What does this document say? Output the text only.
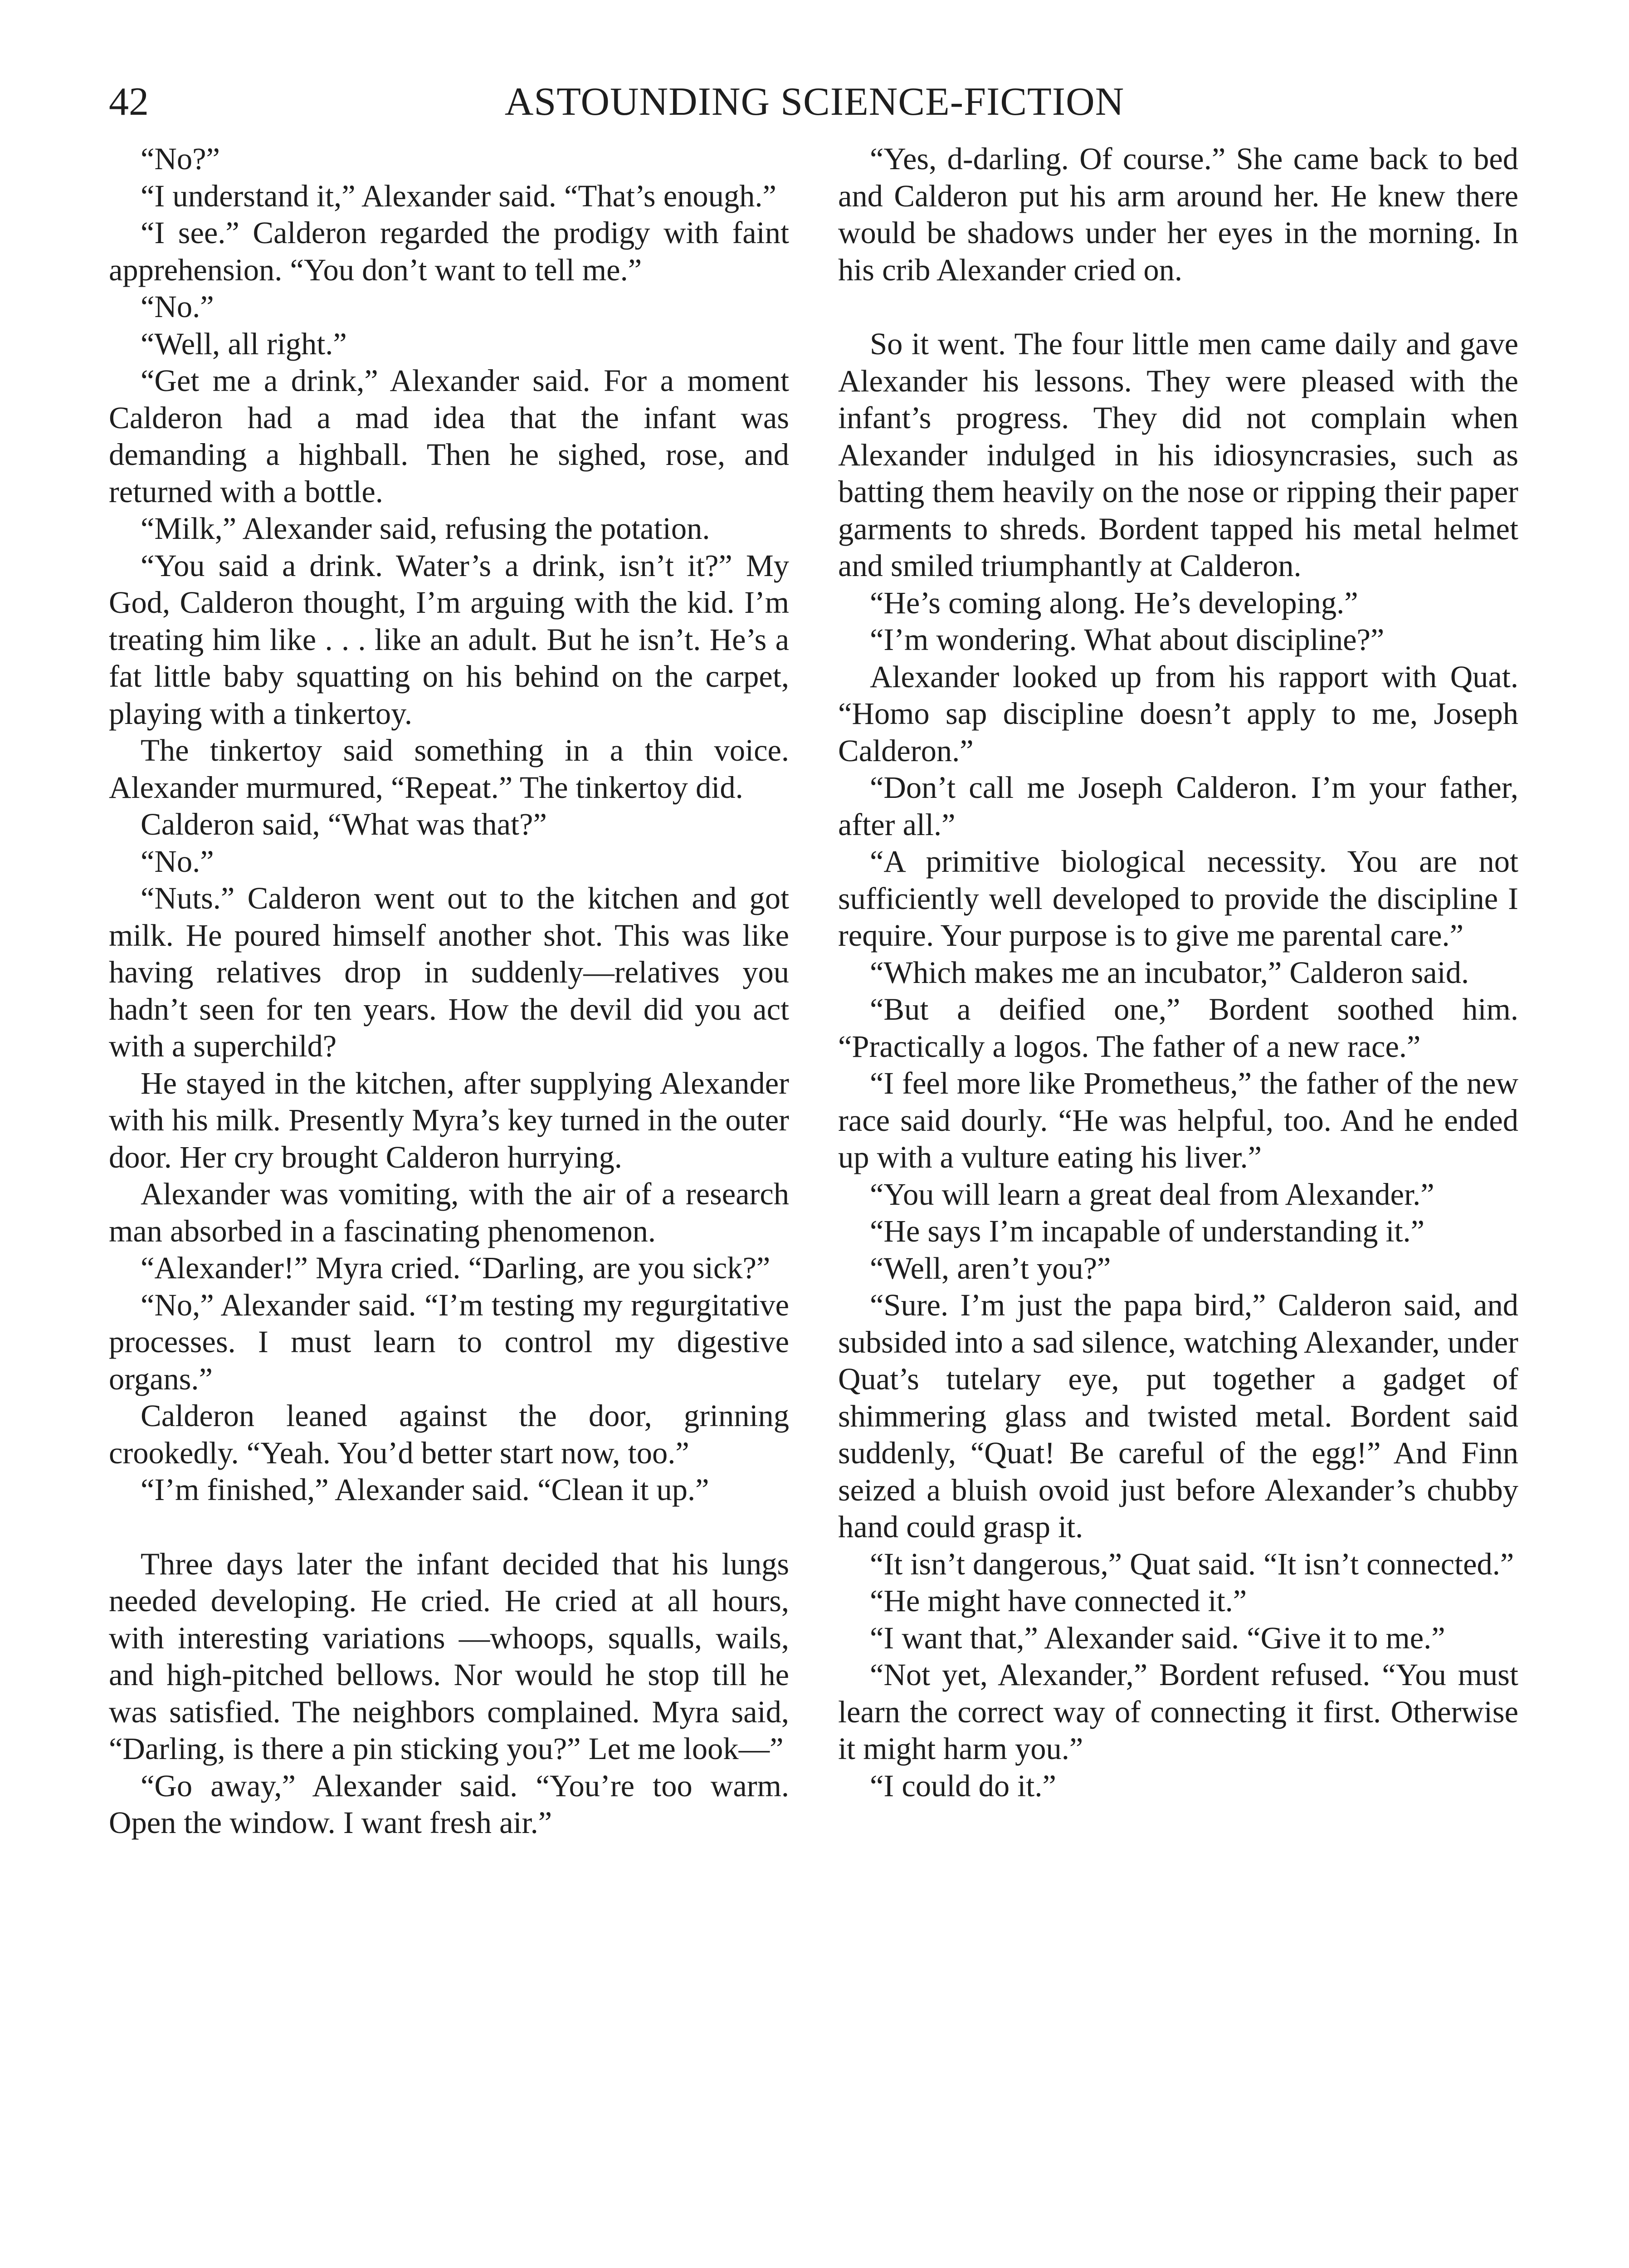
42	ASTOUNDING SCIENCE-FICTION

“No?”

“I understand it,” Alexander said. “That’s enough.”

“I see.” Calderon regarded the prodigy with faint apprehension. “You don’t want to tell me.”

“No.”

“Well, all right.”

“Get me a drink,” Alexander said. For a moment Calderon had a mad idea that the infant was demanding a highball. Then he sighed, rose, and returned with a bottle.

“Milk,” Alexander said, refusing the potation.

“You said a drink. Water’s a drink, isn’t it?” My God, Calderon thought, I’m arguing with the kid. I’m treating him like . . . like an adult. But he isn’t. He’s a fat little baby squatting on his behind on the carpet, playing with a tinkertoy.

The tinkertoy said something in a thin voice. Alexander murmured, “Repeat.” The tinkertoy did.

Calderon said, “What was that?”

“No.”

“Nuts.” Calderon went out to the kitchen and got milk. He poured himself another shot. This was like having relatives drop in suddenly—relatives you hadn’t seen for ten years. How the devil did you act with a superchild?

He stayed in the kitchen, after supplying Alexander with his milk. Presently Myra’s key turned in the outer door. Her cry brought Calderon hurrying.

Alexander was vomiting, with the air of a research man absorbed in a fascinating phenomenon.

“Alexander!” Myra cried. “Darling, are you sick?”

“No,” Alexander said. “I’m testing my regurgitative processes. I must learn to control my digestive organs.”

Calderon leaned against the door, grinning crookedly. “Yeah. You’d better start now, too.”

“I’m finished,” Alexander said. “Clean it up.”

Three days later the infant decided that his lungs needed developing. He cried. He cried at all hours, with interesting variations —whoops, squalls, wails, and high-pitched bellows. Nor would he stop till he was satisfied. The neighbors complained. Myra said, “Darling, is there a pin sticking you?” Let me look—”

“Go away,” Alexander said. “You’re too warm. Open the window. I want fresh air.”

“Yes, d-darling. Of course.” She came back to bed and Calderon put his arm around her. He knew there would be shadows under her eyes in the morning. In his crib Alexander cried on.

So it went. The four little men came daily and gave Alexander his lessons. They were pleased with the infant’s progress. They did not complain when Alexander indulged in his idiosyncrasies, such as batting them heavily on the nose or ripping their paper garments to shreds. Bordent tapped his metal helmet and smiled triumphantly at Calderon.

“He’s coming along. He’s developing.”

“I’m wondering. What about discipline?”

Alexander looked up from his rapport with Quat. “Homo sap discipline doesn’t apply to me, Joseph Calderon.”

“Don’t call me Joseph Calderon. I’m your father, after all.”

“A primitive biological necessity. You are not sufficiently well developed to provide the discipline I require. Your purpose is to give me parental care.”

“Which makes me an incubator,” Calderon said.

“But a deified one,” Bordent soothed him. “Practically a logos. The father of a new race.”

“I feel more like Prometheus,” the father of the new race said dourly. “He was helpful, too. And he ended up with a vulture eating his liver.”

“You will learn a great deal from Alexander.”

“He says I’m incapable of understanding it.”

“Well, aren’t you?”

“Sure. I’m just the papa bird,” Calderon said, and subsided into a sad silence, watching Alexander, under Quat’s tutelary eye, put together a gadget of shimmering glass and twisted metal. Bordent said suddenly, “Quat! Be careful of the egg!” And Finn seized a bluish ovoid just before Alexander’s chubby hand could grasp it.

“It isn’t dangerous,” Quat said. “It isn’t connected.”

“He might have connected it.”

“I want that,” Alexander said. “Give it to me.”

“Not yet, Alexander,” Bordent refused. “You must learn the correct way of connecting it first. Otherwise it might harm you.”

“I could do it.”
